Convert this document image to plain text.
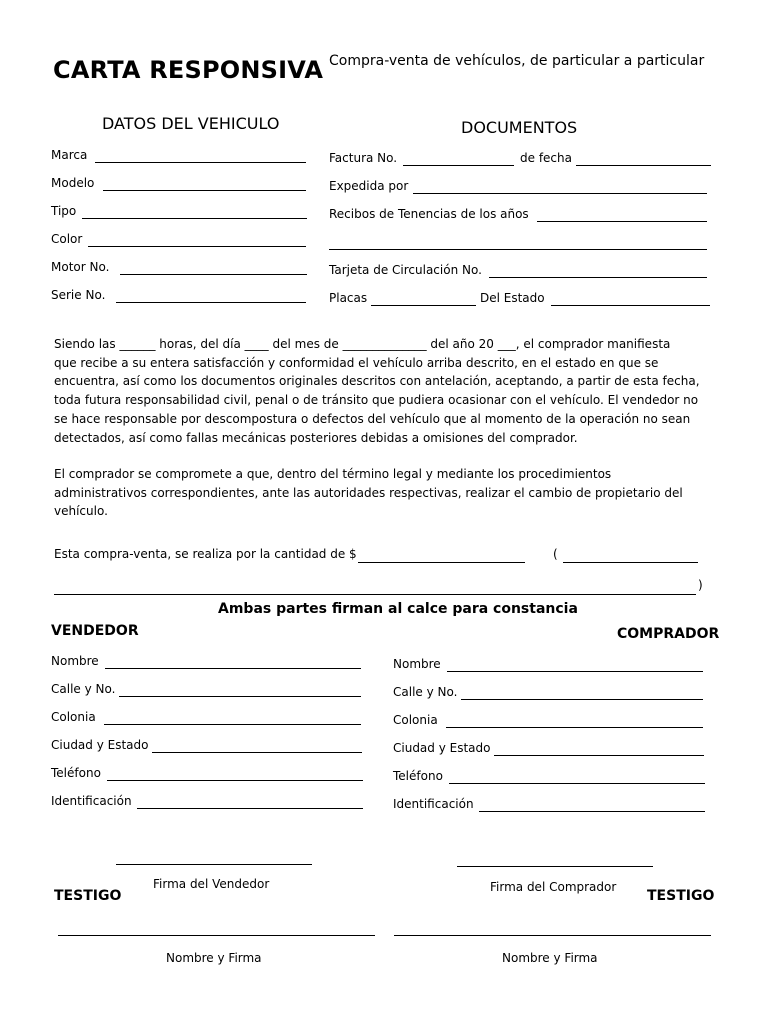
CARTA RESPONSIVA Compra-venta de vehículos, de particular a particular
DATOS DEL VEHICULO
Marca
Modelo
Tipo
Color
Motor No.
Serie No.
DOCUMENTOS
Factura No.	de fecha
Expedida por
Recibos de Tenencias de los años
Tarjeta de Circulación No.
Placas	Del Estado
Siendo las ______ horas, del día ____ del mes de ______________ del año 20 ___, el comprador manifiesta
que recibe a su entera satisfacción y conformidad el vehículo arriba descrito, en el estado en que se
encuentra, así como los documentos originales descritos con antelación, aceptando, a partir de esta fecha,
toda futura responsabilidad civil, penal o de tránsito que pudiera ocasionar con el vehículo. El vendedor no
se hace responsable por descompostura o defectos del vehículo que al momento de la operación no sean
detectados, así como fallas mecánicas posteriores debidas a omisiones del comprador.
El comprador se compromete a que, dentro del término legal y mediante los procedimientos
administrativos correspondientes, ante las autoridades respectivas, realizar el cambio de propietario del
vehículo.
Esta compra-venta, se realiza por la cantidad de $	(
)
Ambas partes firman al calce para constancia
VENDEDOR
Nombre
Calle y No.
Colonia
Ciudad y Estado
Teléfono
Identificación
COMPRADOR
Nombre
Calle y No.
Colonia
Ciudad y Estado
Teléfono
Identificación
Firma del Vendedor	Firma del Comprador
TESTIGO	TESTIGO
Nombre y Firma	Nombre y Firma
